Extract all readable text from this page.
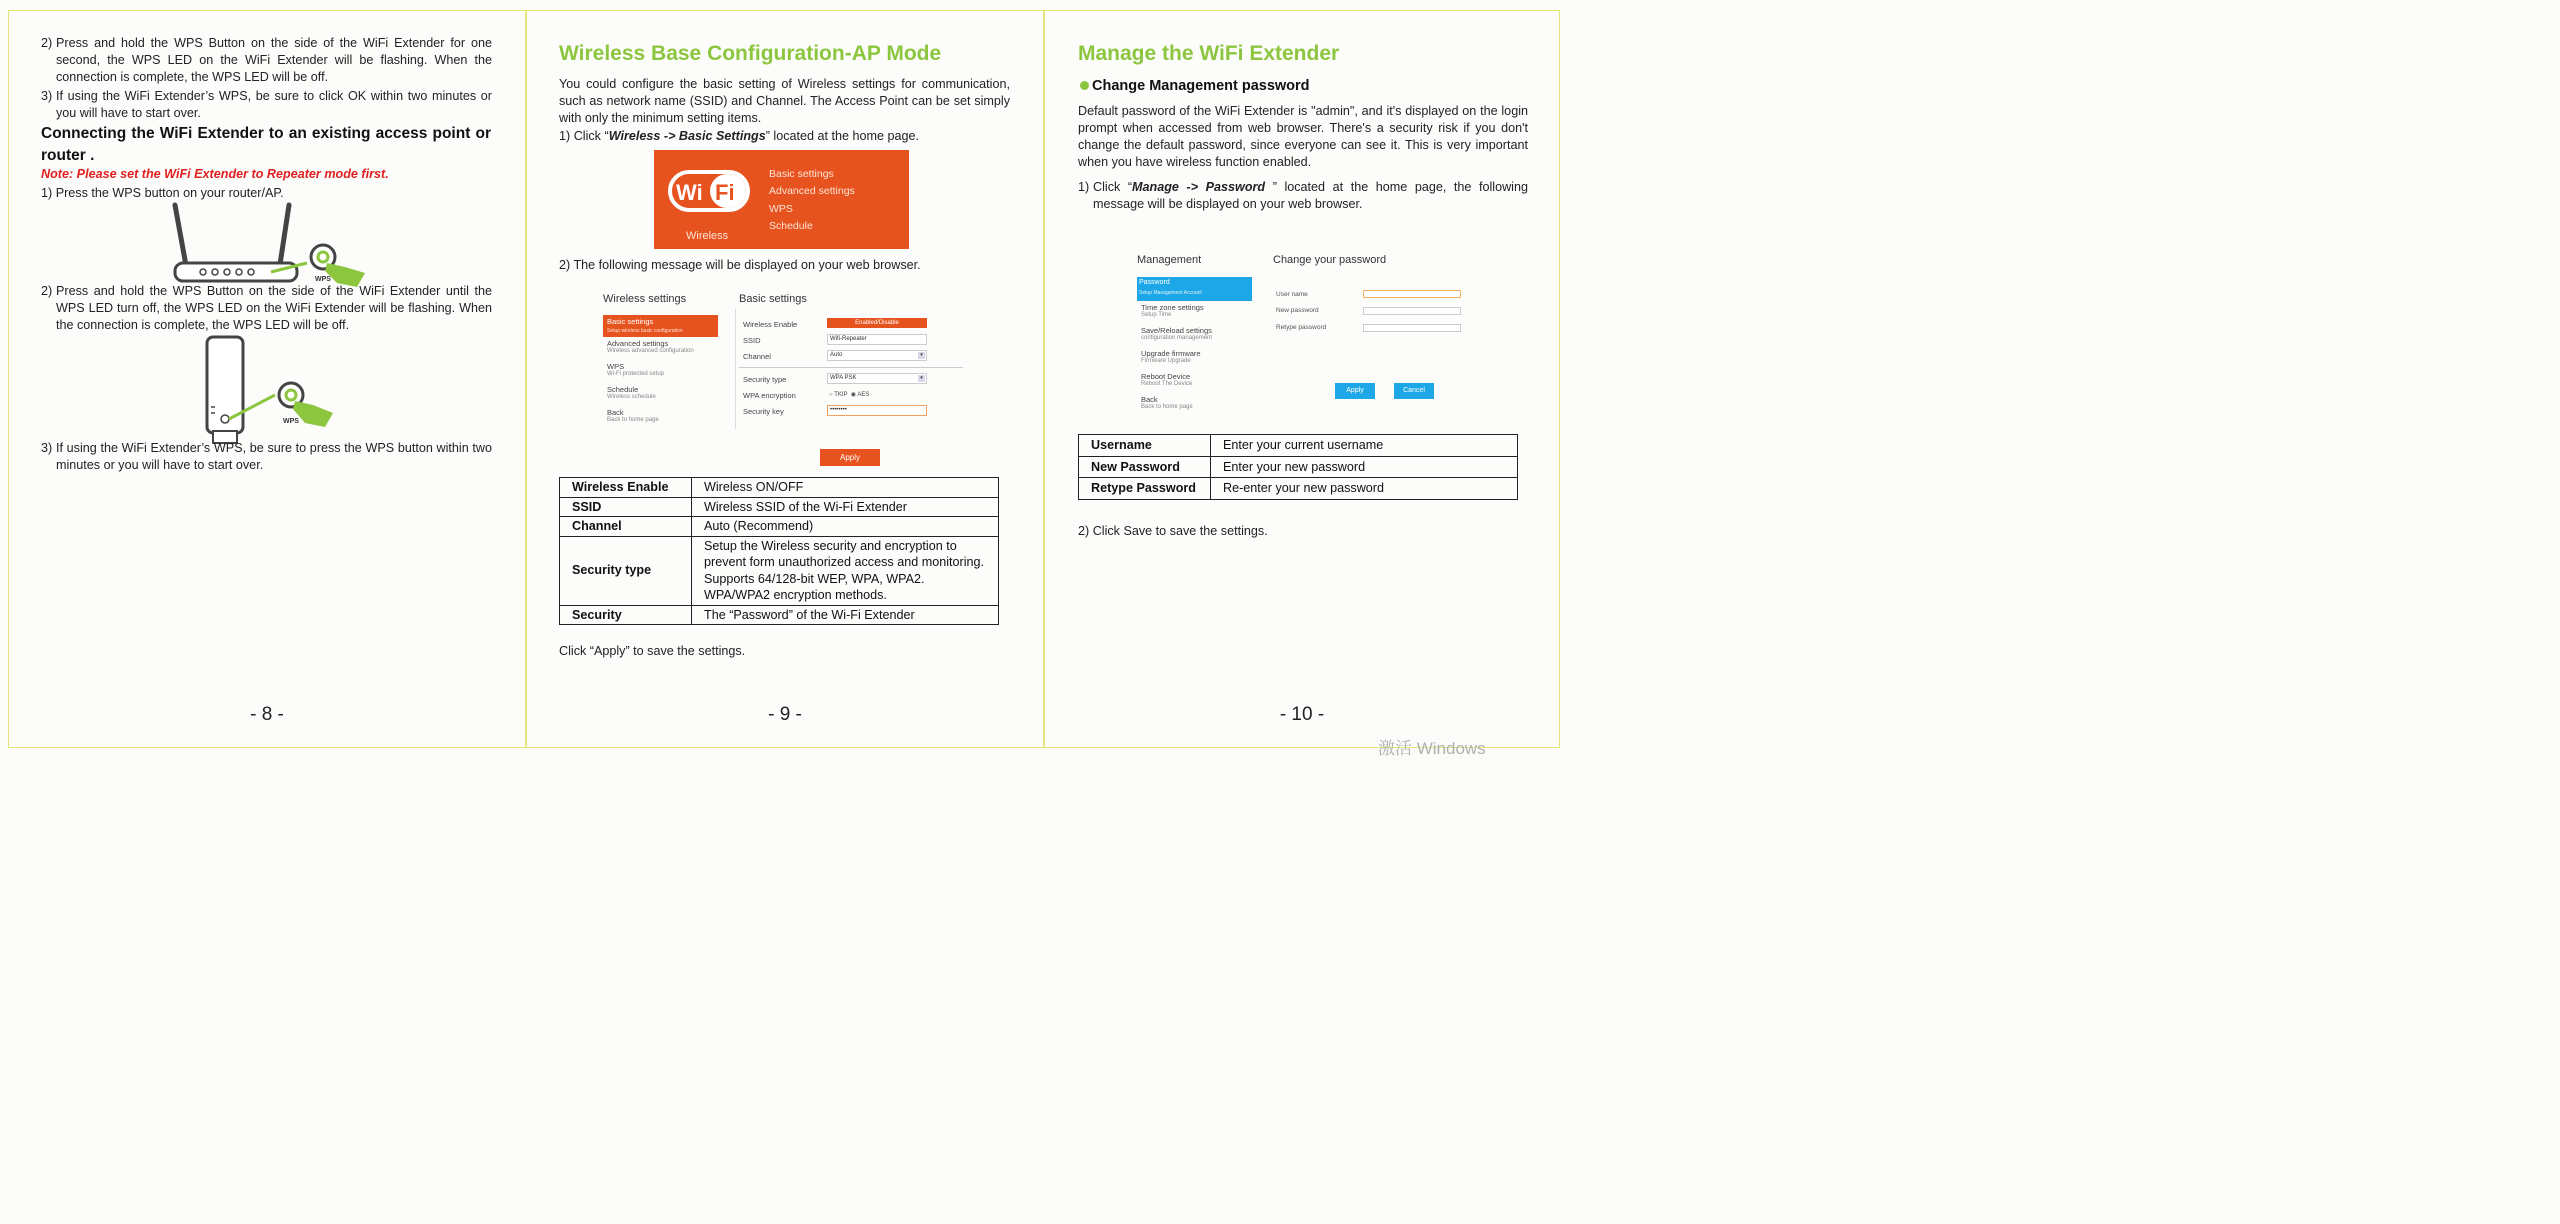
2) Press and hold the WPS Button on the side of the WiFi Extender for one second, the WPS LED on the WiFi Extender will be flashing. When the connection is complete, the WPS LED will be off.
3) If using the WiFi Extender’s WPS, be sure to click OK within two minutes or you will have to start over.
Connecting the WiFi Extender to an existing access point or router .
Note: Please set the WiFi Extender to Repeater mode first.
1) Press the WPS button on your router/AP.
WPS
2) Press and hold the WPS Button on the side of the WiFi Extender until the WPS LED turn off, the WPS LED on the WiFi Extender will be flashing. When the connection is complete, the WPS LED will be off.
WPS
3) If using the WiFi Extender’s WPS, be sure to press the WPS button within two minutes or you will have to start over.
- 8 -
Wireless Base Configuration-AP Mode
You could configure the basic setting of Wireless settings for communication, such as network name (SSID) and Channel. The Access Point can be set simply with only the minimum setting items.
1) Click “Wireless -> Basic Settings” located at the home page.
Wi Fi
Wireless
Basic settings
Advanced settings
WPS
Schedule
2) The following message will be displayed on your web browser.
Wireless settings	Basic settings
Basic settings
Setup wireless basic configuration
Advanced settings
Wireless advanced configuration
WPS
Wi-Fi protected setup
Schedule
Wireless schedule
Back
Back to home page
Wireless Enable	Enabled/Disable
SSID	Wifi-Repeater
Channel	Auto	▾
Security type	WPA PSK	▾
WPA encryption	○ TKIP ◉ AES
Security key	••••••••
Apply
Wireless Enable	Wireless ON/OFF
SSID	Wireless SSID of the Wi-Fi Extender
Channel	Auto (Recommend)
Security type	Setup the Wireless security and encryption to prevent form unauthorized access and monitoring. Supports 64/128-bit WEP, WPA, WPA2. WPA/WPA2 encryption methods.
Security	The “Password” of the Wi-Fi Extender
Click “Apply” to save the settings.
- 9 -
Manage the WiFi Extender
Change Management password
Default password of the WiFi Extender is "admin", and it's displayed on the login prompt when accessed from web browser. There's a security risk if you don't change the default password, since everyone can see it. This is very important when you have wireless function enabled.
1) Click “Manage -> Password ” located at the home page, the following message will be displayed on your web browser.
Management	Change your password
Password
Setup Management Account
Time zone settings
Setup Time
Save/Reload settings
configuration management
Upgrade firmware
Firmware Upgrade
Reboot Device
Reboot The Device
Back
Back to home page
User name
New password
Retype password
Apply	Cancel
Username	Enter your current username
New Password	Enter your new password
Retype Password	Re-enter your new password
2) Click Save to save the settings.
- 10 -
激活 Windows
